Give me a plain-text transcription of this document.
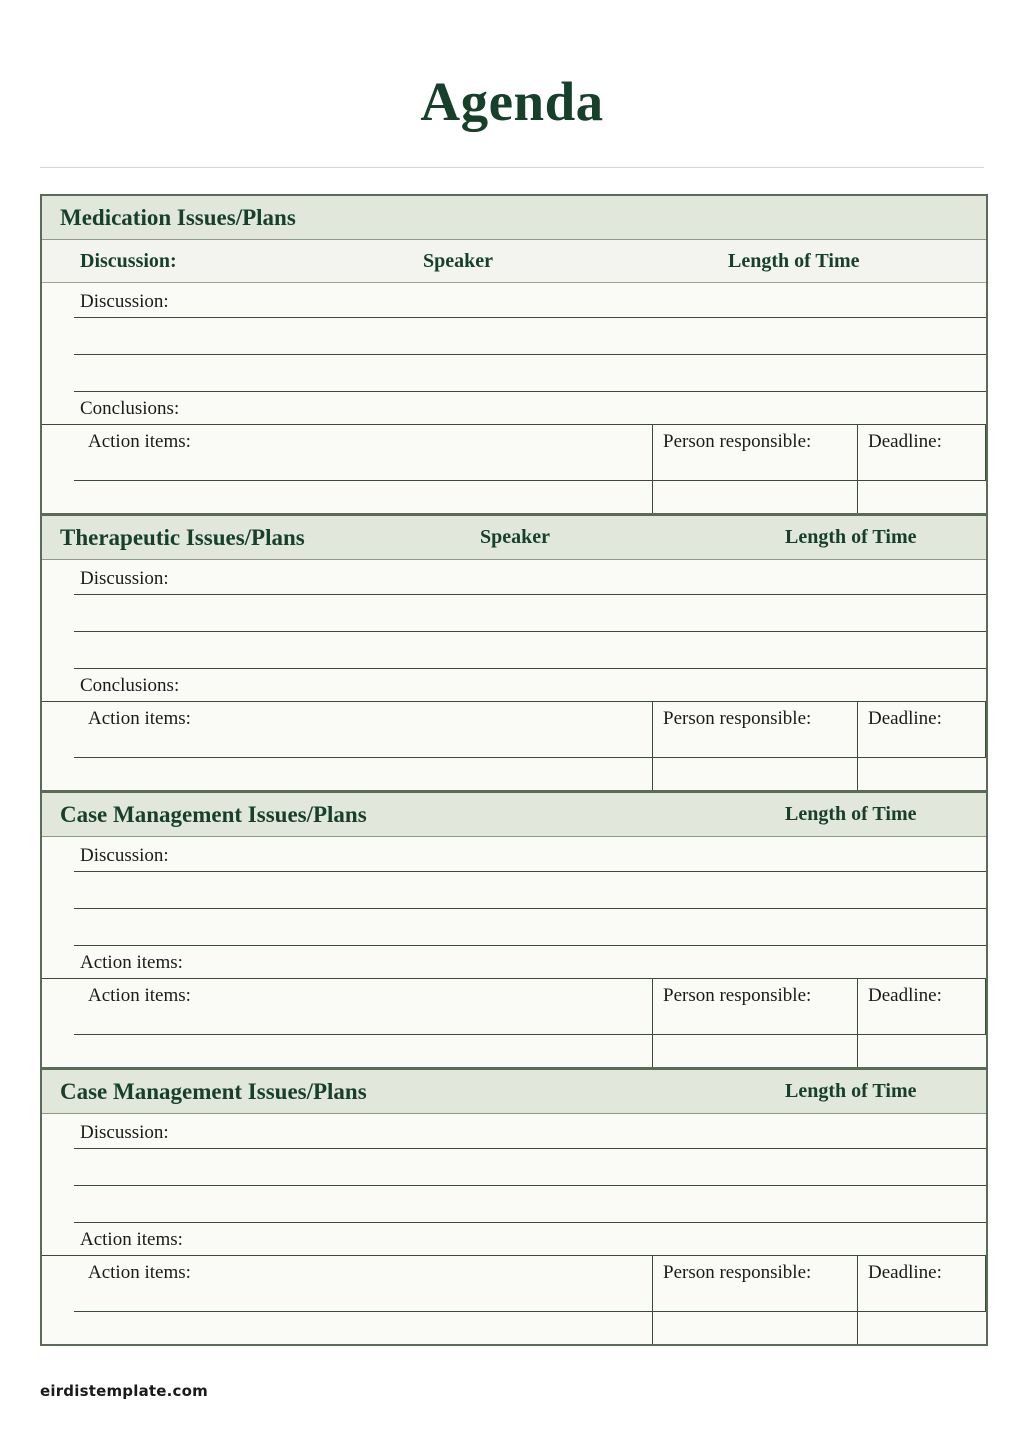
Agenda
Medication Issues/Plans
Discussion:	Speaker	Length of Time
Discussion:
Conclusions:
Action items:	Person responsible:	Deadline:
Therapeutic Issues/Plans	Speaker	Length of Time
Discussion:
Conclusions:
Action items:	Person responsible:	Deadline:
Case Management Issues/Plans	Length of Time
Discussion:
Action items:
Action items:	Person responsible:	Deadline:
Case Management Issues/Plans	Length of Time
Discussion:
Action items:
Action items:	Person responsible:	Deadline:
eirdistemplate.com
